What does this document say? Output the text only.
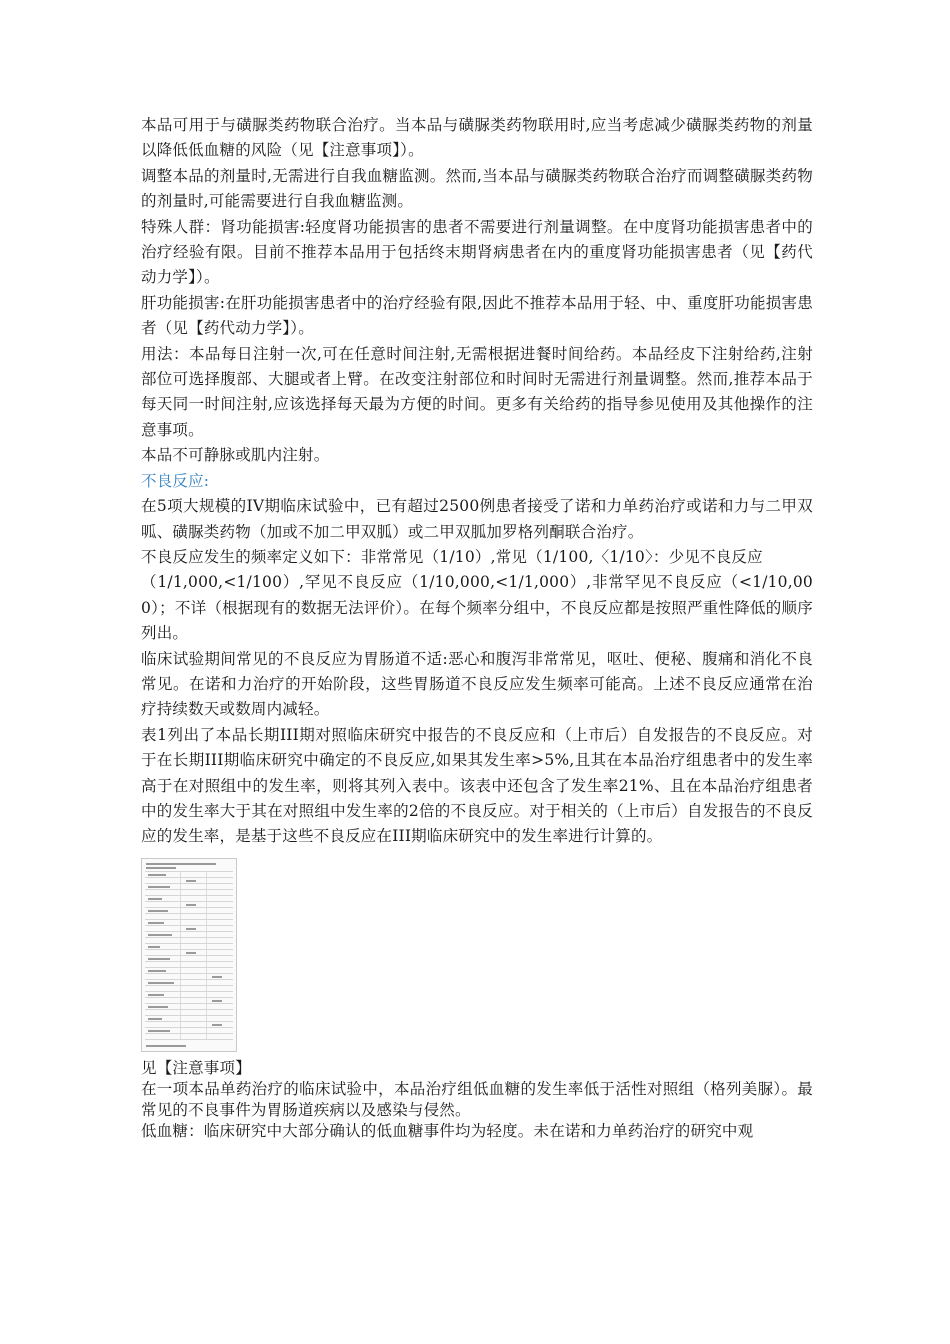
本品可用于与磺脲类药物联合治疗。当本品与磺脲类药物联用时,应当考虑减少磺脲类药物的剂量以降低低血糖的风险（见【注意事项】）。

调整本品的剂量时,无需进行自我血糖监测。然而,当本品与磺脲类药物联合治疗而调整磺脲类药物的剂量时,可能需要进行自我血糖监测。

特殊人群：肾功能损害:轻度肾功能损害的患者不需要进行剂量调整。在中度肾功能损害患者中的治疗经验有限。目前不推荐本品用于包括终末期肾病患者在内的重度肾功能损害患者（见【药代动力学】）。

肝功能损害:在肝功能损害患者中的治疗经验有限,因此不推荐本品用于轻、中、重度肝功能损害患者（见【药代动力学】）。

用法：本品每日注射一次,可在任意时间注射,无需根据进餐时间给药。本品经皮下注射给药,注射部位可选择腹部、大腿或者上臂。在改变注射部位和时间时无需进行剂量调整。然而,推荐本品于每天同一时间注射,应该选择每天最为方便的时间。更多有关给药的指导参见使用及其他操作的注意事项。

本品不可静脉或肌内注射。

不良反应:

在5项大规模的IV期临床试验中，已有超过2500例患者接受了诺和力单药治疗或诺和力与二甲双呱、磺脲类药物（加或不加二甲双胍）或二甲双胍加罗格列酮联合治疗。

不良反应发生的频率定义如下：非常常见（1/10）,常见（1/100,〈1/10〉：少见不良反应

（1/1,000,<1/100）,罕见不良反应（1/10,000,<1/1,000）,非常罕见不良反应（<1/10,000）；不详（根据现有的数据无法评价）。在每个频率分组中，不良反应都是按照严重性降低的顺序列出。

临床试验期间常见的不良反应为胃肠道不适:恶心和腹泻非常常见，呕吐、便秘、腹痛和消化不良常见。在诺和力治疗的开始阶段，这些胃肠道不良反应发生频率可能高。上述不良反应通常在治疗持续数天或数周内减轻。

表1列出了本品长期III期对照临床研究中报告的不良反应和（上市后）自发报告的不良反应。对于在长期III期临床研究中确定的不良反应,如果其发生率>5%,且其在本品治疗组患者中的发生率高于在对照组中的发生率，则将其列入表中。该表中还包含了发生率21%、且在本品治疗组患者中的发生率大于其在对照组中发生率的2倍的不良反应。对于相关的（上市后）自发报告的不良反应的发生率，是基于这些不良反应在III期临床研究中的发生率进行计算的。

见【注意事项】

在一项本品单药治疗的临床试验中，本品治疗组低血糖的发生率低于活性对照组（格列美脲）。最常见的不良事件为胃肠道疾病以及感染与侵然。

低血糖：临床研究中大部分确认的低血糖事件均为轻度。未在诺和力单药治疗的研究中观
